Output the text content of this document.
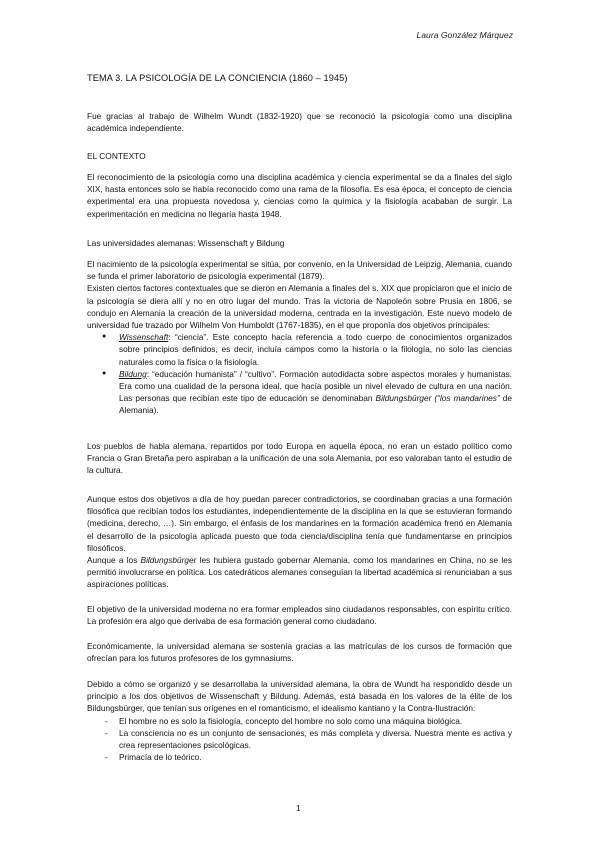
Laura González Márquez
TEMA 3. LA PSICOLOGÍA DE LA CONCIENCIA (1860 – 1945)

Fue gracias al trabajo de Wilhelm Wundt (1832-1920) que se reconoció la psicología como una disciplina académica independiente.

EL CONTEXTO

El reconocimiento de la psicología como una disciplina académica y ciencia experimental se da a finales del siglo XIX, hasta entonces solo se había reconocido como una rama de la filosofía. Es esa época, el concepto de ciencia experimental era una propuesta novedosa y, ciencias como la química y la fisiología acababan de surgir. La experimentación en medicina no llegaría hasta 1948.

Las universidades alemanas: Wissenschaft y Bildung

El nacimiento de la psicología experimental se sitúa, por convenio, en la Universidad de Leipzig, Alemania, cuando se funda el primer laboratorio de psicología experimental (1879).

Existen ciertos factores contextuales que se dieron en Alemania a finales del s. XIX que propiciaron que el inicio de la psicología se diera allí y no en otro lugar del mundo. Tras la victoria de Napoleón sobre Prusia en 1806, se condujo en Alemania la creación de la universidad moderna, centrada en la investigación. Este nuevo modelo de universidad fue trazado por Wilhelm Von Humboldt (1767-1835), en el que proponía dos objetivos principales:

● Wissenschaft: “ciencia”. Este concepto hacía referencia a todo cuerpo de conocimientos organizados sobre principios definidos, es decir, incluía campos como la historia o la filología, no solo las ciencias naturales como la física o la fisiología.
● Bildung: “educación humanista” / “cultivo”. Formación autodidacta sobre aspectos morales y humanistas. Era como una cualidad de la persona ideal, que hacía posible un nivel elevado de cultura en una nación. Las personas que recibían este tipo de educación se denominaban Bildungsbürger (“los mandarines” de Alemania).

Los pueblos de habla alemana, repartidos por todo Europa en aquella época, no eran un estado político como Francia o Gran Bretaña pero aspiraban a la unificación de una sola Alemania, por eso valoraban tanto el estudio de la cultura.

Aunque estos dos objetivos a día de hoy puedan parecer contradictorios, se coordinaban gracias a una formación filosófica que recibían todos los estudiantes, independientemente de la disciplina en la que se estuvieran formando (medicina, derecho, …). Sin embargo, el énfasis de los mandarines en la formación académica frenó en Alemania el desarrollo de la psicología aplicada puesto que toda ciencia/disciplina tenía que fundamentarse en principios filosóficos.

Aunque a los Bildungsbürger les hubiera gustado gobernar Alemania, como los mandarines en China, no se les permitió involucrarse en política. Los catedráticos alemanes conseguían la libertad académica si renunciaban a sus aspiraciones políticas.

El objetivo de la universidad moderna no era formar empleados sino ciudadanos responsables, con espíritu crítico. La profesión era algo que derivaba de esa formación general como ciudadano.

Económicamente, la universidad alemana se sostenía gracias a las matrículas de los cursos de formación que ofrecían para los futuros profesores de los gymnasiums.

Debido a cómo se organizó y se desarrollaba la universidad alemana, la obra de Wundt ha respondido desde un principio a los dos objetivos de Wissenschaft y Bildung. Además, está basada en los valores de la élite de los Bildungsbürger, que tenían sus orígenes en el romanticismo, el idealismo kantiano y la Contra-Ilustración:

- El hombre no es solo la fisiología, concepto del hombre no solo como una máquina biológica.
- La consciencia no es un conjunto de sensaciones, es más completa y diversa. Nuestra mente es activa y crea representaciones psicológicas.
- Primacía de lo teórico.
1
